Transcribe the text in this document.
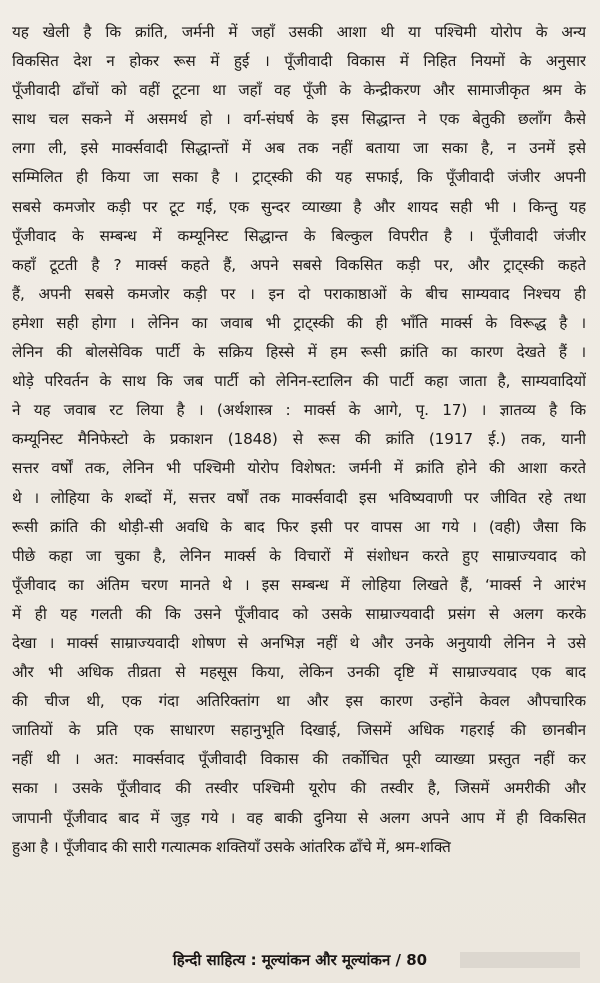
यह खेली है कि क्रांति, जर्मनी में जहाँ उसकी आशा थी या पश्चिमी योरोप के अन्य
विकसित देश न होकर रूस में हुई । पूँजीवादी विकास में निहित नियमों के अनुसार
पूँजीवादी ढाँचों को वहीं टूटना था जहाँ वह पूँजी के केन्द्रीकरण और सामाजीकृत श्रम के
साथ चल सकने में असमर्थ हो । वर्ग-संघर्ष के इस सिद्धान्त ने एक बेतुकी छलाँग कैसे
लगा ली, इसे मार्क्सवादी सिद्धान्तों में अब तक नहीं बताया जा सका है, न उनमें इसे
सम्मिलित ही किया जा सका है । ट्राट्स्की की यह सफाई, कि पूँजीवादी जंजीर अपनी
सबसे कमजोर कड़ी पर टूट गई, एक सुन्दर व्याख्या है और शायद सही भी । किन्तु यह
पूँजीवाद के सम्बन्ध में कम्यूनिस्ट सिद्धान्त के बिल्कुल विपरीत है । पूँजीवादी जंजीर
कहाँ टूटती है ? मार्क्स कहते हैं, अपने सबसे विकसित कड़ी पर, और ट्राट्स्की कहते
हैं, अपनी सबसे कमजोर कड़ी पर । इन दो पराकाष्ठाओं के बीच साम्यवाद निश्चय ही
हमेशा सही होगा । लेनिन का जवाब भी ट्राट्स्की की ही भाँति मार्क्स के विरूद्ध है ।
लेनिन की बोलसेविक पार्टी के सक्रिय हिस्से में हम रूसी क्रांति का कारण देखते हैं ।
थोड़े परिवर्तन के साथ कि जब पार्टी को लेनिन-स्टालिन की पार्टी कहा जाता है, साम्यवादियों
ने यह जवाब रट लिया है । (अर्थशास्त्र : मार्क्स के आगे, पृ. 17) । ज्ञातव्य है कि
कम्यूनिस्ट मैनिफेस्टो के प्रकाशन (1848) से रूस की क्रांति (1917 ई.) तक, यानी
सत्तर वर्षों तक, लेनिन भी पश्चिमी योरोप विशेषत: जर्मनी में क्रांति होने की आशा करते
थे । लोहिया के शब्दों में, सत्तर वर्षों तक मार्क्सवादी इस भविष्यवाणी पर जीवित रहे तथा
रूसी क्रांति की थोड़ी-सी अवधि के बाद फिर इसी पर वापस आ गये । (वही) जैसा कि
पीछे कहा जा चुका है, लेनिन मार्क्स के विचारों में संशोधन करते हुए साम्राज्यवाद को
पूँजीवाद का अंतिम चरण मानते थे । इस सम्बन्ध में लोहिया लिखते हैं, ‘मार्क्स ने आरंभ
में ही यह गलती की कि उसने पूँजीवाद को उसके साम्राज्यवादी प्रसंग से अलग करके
देखा । मार्क्स साम्राज्यवादी शोषण से अनभिज्ञ नहीं थे और उनके अनुयायी लेनिन ने उसे
और भी अधिक तीव्रता से महसूस किया, लेकिन उनकी दृष्टि में साम्राज्यवाद एक बाद
की चीज थी, एक गंदा अतिरिक्तांग था और इस कारण उन्होंने केवल औपचारिक
जातियों के प्रति एक साधारण सहानुभूति दिखाई, जिसमें अधिक गहराई की छानबीन
नहीं थी । अत: मार्क्सवाद पूँजीवादी विकास की तर्कोचित पूरी व्याख्या प्रस्तुत नहीं कर
सका । उसके पूँजीवाद की तस्वीर पश्चिमी यूरोप की तस्वीर है, जिसमें अमरीकी और
जापानी पूँजीवाद बाद में जुड़ गये । वह बाकी दुनिया से अलग अपने आप में ही विकसित
हुआ है । पूँजीवाद की सारी गत्यात्मक शक्तियाँ उसके आंतरिक ढाँचे में, श्रम-शक्ति
हिन्दी साहित्य : मूल्यांकन और मूल्यांकन / 80
